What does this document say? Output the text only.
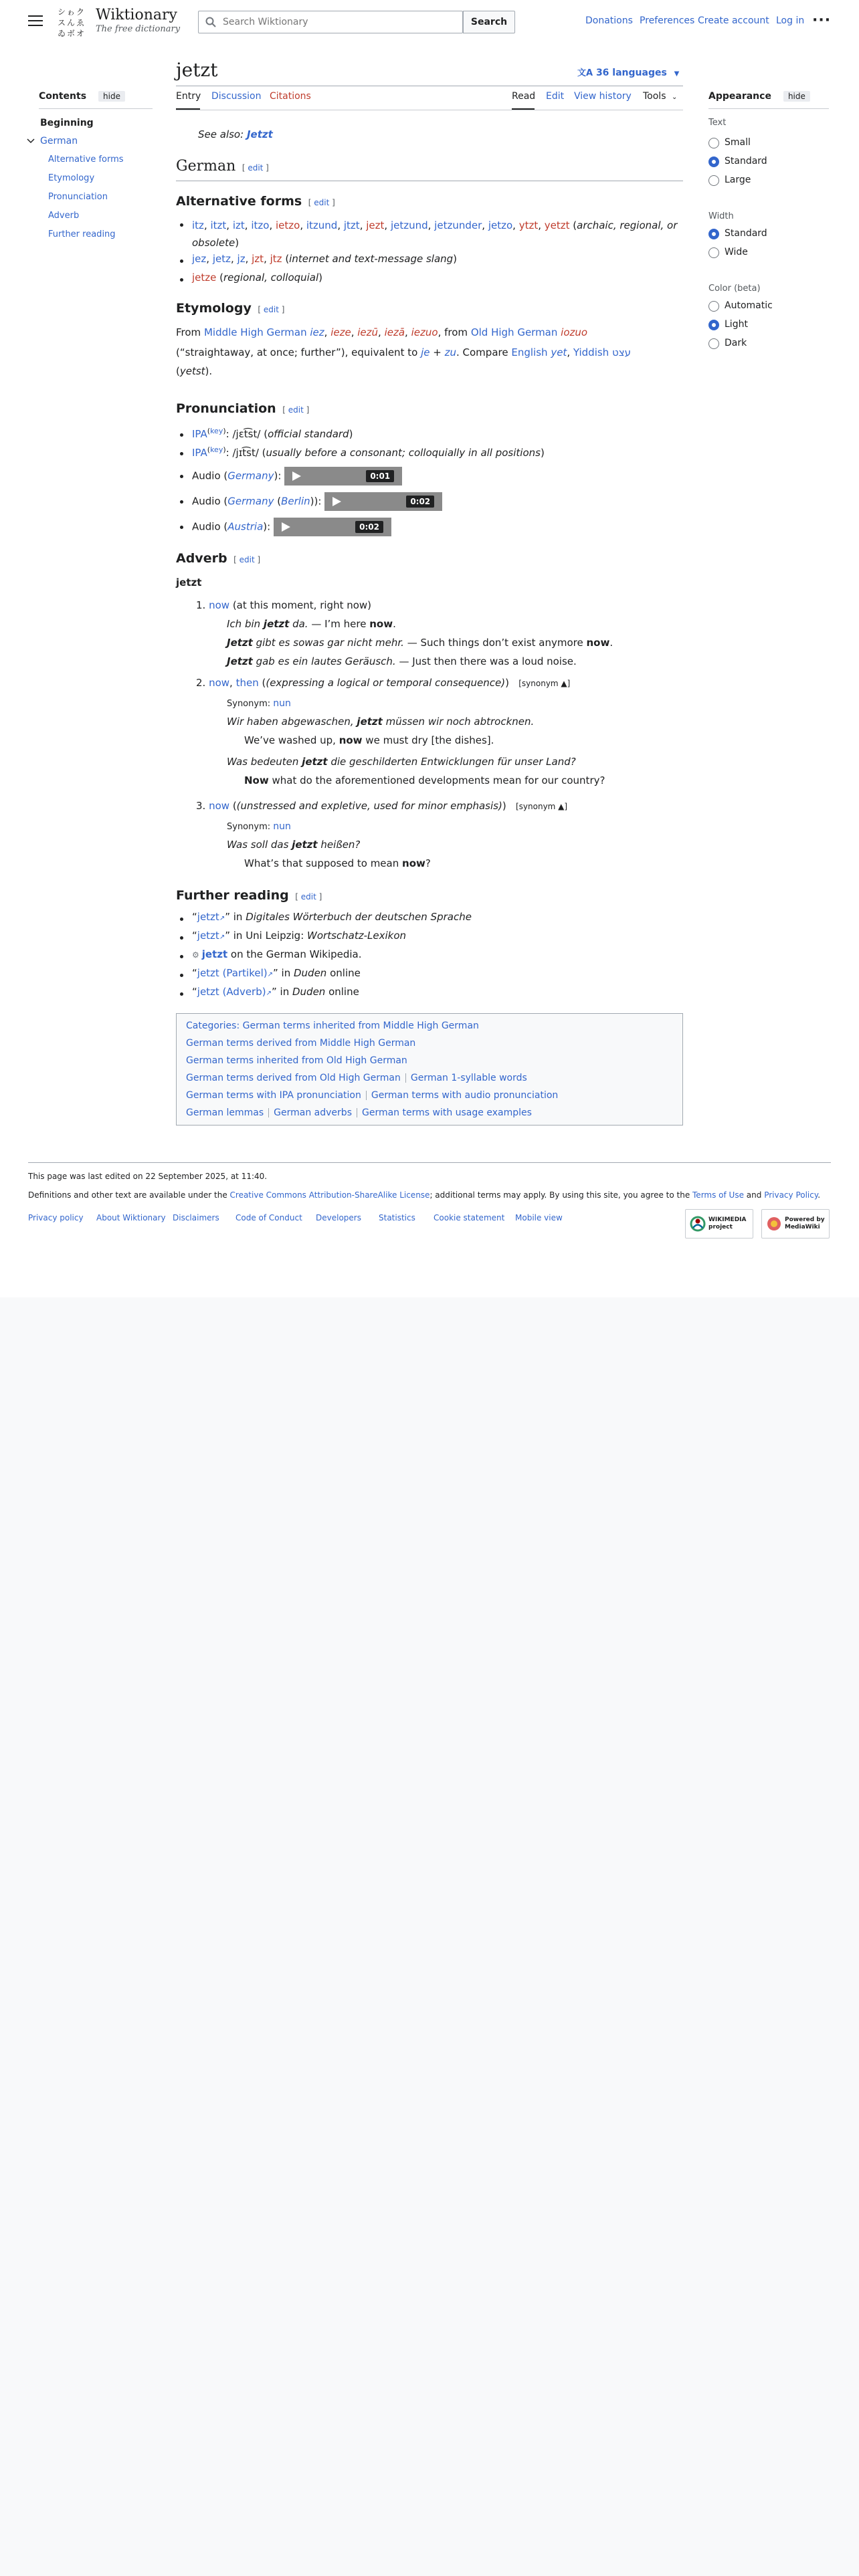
シ ゎ ク
ス ん ゑ
ゐ ボ オ
Wiktionary
The free dictionary
Search Wiktionary
Search	Donations Preferences Create account Log in ···
Contents hide
Beginning
German
Alternative forms
Etymology
Pronunciation
Adverb
Further reading
jetzt	文A 36 languages ▼
Entry Discussion Citations	Read Edit View history Tools ⌄
See also: Jetzt
German [ edit ]
Alternative forms [ edit ]
itz, itzt, izt, itzo, ietzo, itzund, jtzt, jezt, jetzund, jetzunder, jetzo, ytzt, yetzt (archaic, regional, or obsolete)
jez, jetz, jz, jzt, jtz (internet and text-message slang)
jetze (regional, colloquial)
Etymology [ edit ]
From Middle High German iez, ieze, iezū, iezā, iezuo, from Old High German iozuo
(“straightaway, at once; further”), equivalent to je + zu. Compare English yet, Yiddish עצט
(yetst).
Pronunciation [ edit ]
$IPA^{(key)}$: /jɛt͡st/ (official standard)
$IPA^{(key)}$: /jɪt͡st/ (usually before a consonant; colloquially in all positions)
Audio (Germany):	0:01
Audio (Germany (Berlin)):	0:02
Audio (Austria):	0:02
Adverb [ edit ]
jetzt
1. now (at this moment, right now)
Ich bin jetzt da. — I’m here now.
Jetzt gibt es sowas gar nicht mehr. — Such things don’t exist anymore now.
Jetzt gab es ein lautes Geräusch. — Just then there was a loud noise.
2. now, then ((expressing a logical or temporal consequence))   [synonym ▲]
Synonym: nun
Wir haben abgewaschen, jetzt müssen wir noch abtrocknen.
We’ve washed up, now we must dry [the dishes].
Was bedeuten jetzt die geschilderten Entwicklungen für unser Land?
Now what do the aforementioned developments mean for our country?
3. now ((unstressed and expletive, used for minor emphasis))   [synonym ▲]
Synonym: nun
Was soll das jetzt heißen?
What’s that supposed to mean now?
Further reading [ edit ]
“jetzt↗” in Digitales Wörterbuch der deutschen Sprache
“jetzt↗” in Uni Leipzig: Wortschatz-Lexikon
⚙ jetzt on the German Wikipedia.
“jetzt (Partikel)↗” in Duden online
“jetzt (Adverb)↗” in Duden online
Categories: German terms inherited from Middle High German
German terms derived from Middle High German
German terms inherited from Old High German
German terms derived from Old High German German 1-syllable words
German terms with IPA pronunciation German terms with audio pronunciation
German lemmas German adverbs German terms with usage examples
Appearance hide
Text
Small
Standard
Large
Width
Standard
Wide
Color (beta)
Automatic
Light
Dark
This page was last edited on 22 September 2025, at 11:40.
Definitions and other text are available under the Creative Commons Attribution-ShareAlike License; additional terms may apply. By using this site, you agree to the Terms of Use and Privacy Policy.
Privacy policy About Wiktionary Disclaimers Code of Conduct Developers Statistics Cookie statement Mobile view	WIKIMEDIA project
Powered by MediaWiki
